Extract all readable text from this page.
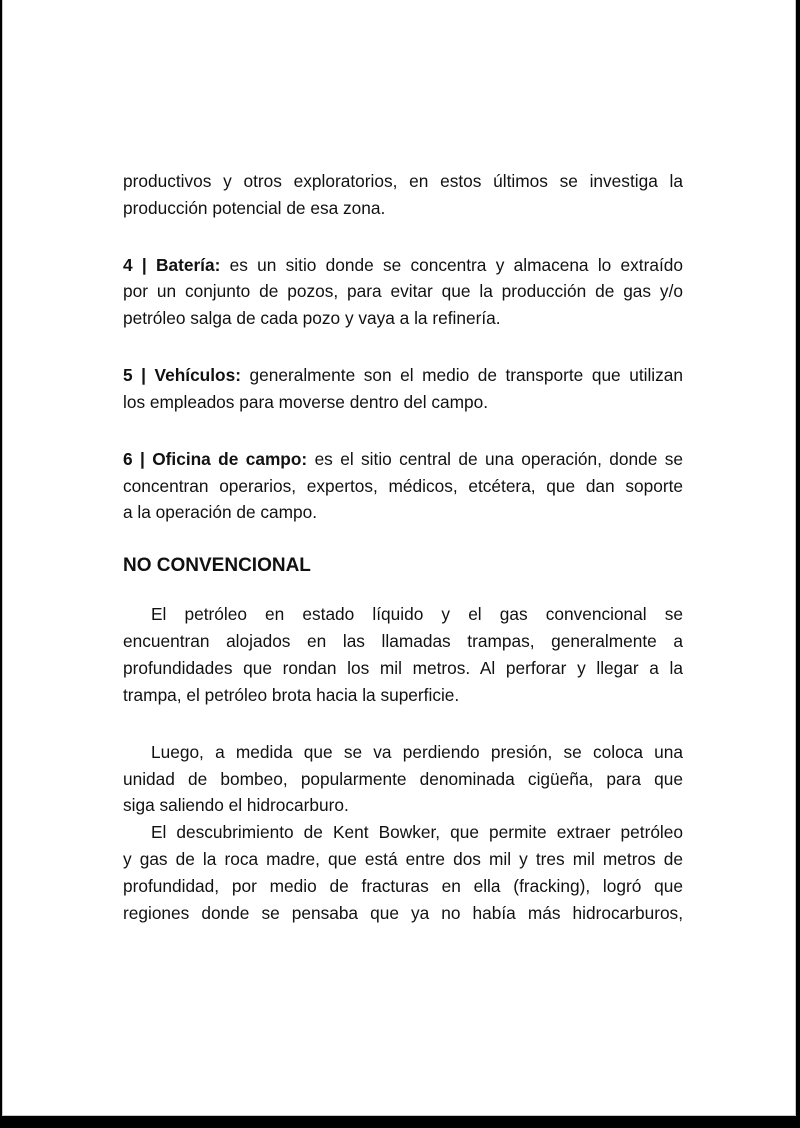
productivos y otros exploratorios, en estos últimos se investiga la
producción potencial de esa zona.
4 | Batería: es un sitio donde se concentra y almacena lo extraído
por un conjunto de pozos, para evitar que la producción de gas y/o
petróleo salga de cada pozo y vaya a la refinería.
5 | Vehículos: generalmente son el medio de transporte que utilizan
los empleados para moverse dentro del campo.
6 | Oficina de campo: es el sitio central de una operación, donde se
concentran operarios, expertos, médicos, etcétera, que dan soporte
a la operación de campo.
NO CONVENCIONAL
El petróleo en estado líquido y el gas convencional se
encuentran alojados en las llamadas trampas, generalmente a
profundidades que rondan los mil metros. Al perforar y llegar a la
trampa, el petróleo brota hacia la superficie.
Luego, a medida que se va perdiendo presión, se coloca una
unidad de bombeo, popularmente denominada cigüeña, para que
siga saliendo el hidrocarburo.
El descubrimiento de Kent Bowker, que permite extraer petróleo
y gas de la roca madre, que está entre dos mil y tres mil metros de
profundidad, por medio de fracturas en ella (fracking), logró que
regiones donde se pensaba que ya no había más hidrocarburos,
